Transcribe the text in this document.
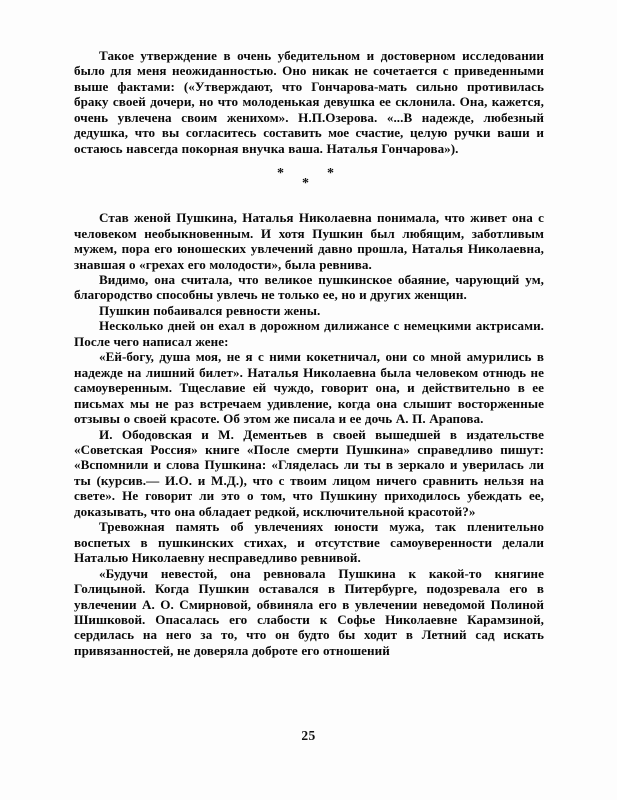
Такое утверждение в очень убедительном и достоверном исследовании было для меня неожиданностью. Оно никак не сочетается с приведенными выше фактами: («Утверждают, что Гончарова-мать сильно противилась браку своей дочери, но что молоденькая девушка ее склонила. Она, кажется, очень увлечена своим женихом». Н.П.Озерова. «...В надежде, любезный дедушка, что вы согласитесь составить мое счастие, целую ручки ваши и остаюсь навсегда покорная внучка ваша. Наталья Гончарова»).

*	*
*

Став женой Пушкина, Наталья Николаевна понимала, что живет она с человеком необыкновенным. И хотя Пушкин был любящим, заботливым мужем, пора его юношеских увлечений давно прошла, Наталья Николаевна, знавшая о «грехах его молодости», была ревнива.

Видимо, она считала, что великое пушкинское обаяние, чарующий ум, благородство способны увлечь не только ее, но и других женщин.

Пушкин побаивался ревности жены.

Несколько дней он ехал в дорожном дилижансе с немецкими актрисами. После чего написал жене:

«Ей-богу, душа моя, не я с ними кокетничал, они со мной амурились в надежде на лишний билет». Наталья Николаевна была человеком отнюдь не самоуверенным. Тщеславие ей чуждо, говорит она, и действительно в ее письмах мы не раз встречаем удивление, когда она слышит восторженные отзывы о своей красоте. Об этом же писала и ее дочь А. П. Арапова.

И. Ободовская и М. Дементьев в своей вышедшей в издательстве «Советская Россия» книге «После смерти Пушкина» справедливо пишут: «Вспомнили и слова Пушкина: «Гляделась ли ты в зеркало и уверилась ли ты (курсив.— И.О. и М.Д.), что с твоим лицом ничего сравнить нельзя на свете». Не говорит ли это о том, что Пушкину приходилось убеждать ее, доказывать, что она обладает редкой, исключительной красотой?»

Тревожная память об увлечениях юности мужа, так пленительно воспетых в пушкинских стихах, и отсутствие самоуверенности делали Наталью Николаевну несправедливо ревнивой.

«Будучи невестой, она ревновала Пушкина к какой-то княгине Голицыной. Когда Пушкин оставался в Питербурге, подозревала его в увлечении А. О. Смирновой, обвиняла его в увлечении неведомой Полиной Шишковой. Опасалась его слабости к Софье Николаевне Карамзиной, сердилась на него за то, что он будто бы ходит в Летний сад искать привязанностей, не доверяла доброте его отношений

25
